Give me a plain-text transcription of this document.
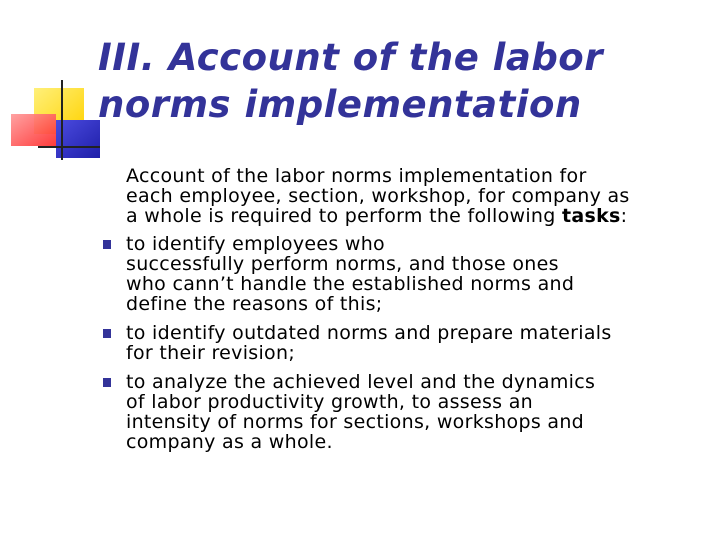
III. Account of the labor
norms implementation

Account of the labor norms implementation for
each employee, section, workshop, for company as
a whole is required to perform the following tasks:

to identify employees who
successfully perform norms, and those ones
who cann’t handle the established norms and
define the reasons of this;
to identify outdated norms and prepare materials
for their revision;
to analyze the achieved level and the dynamics
of labor productivity growth, to assess an
intensity of norms for sections, workshops and
company as a whole.
